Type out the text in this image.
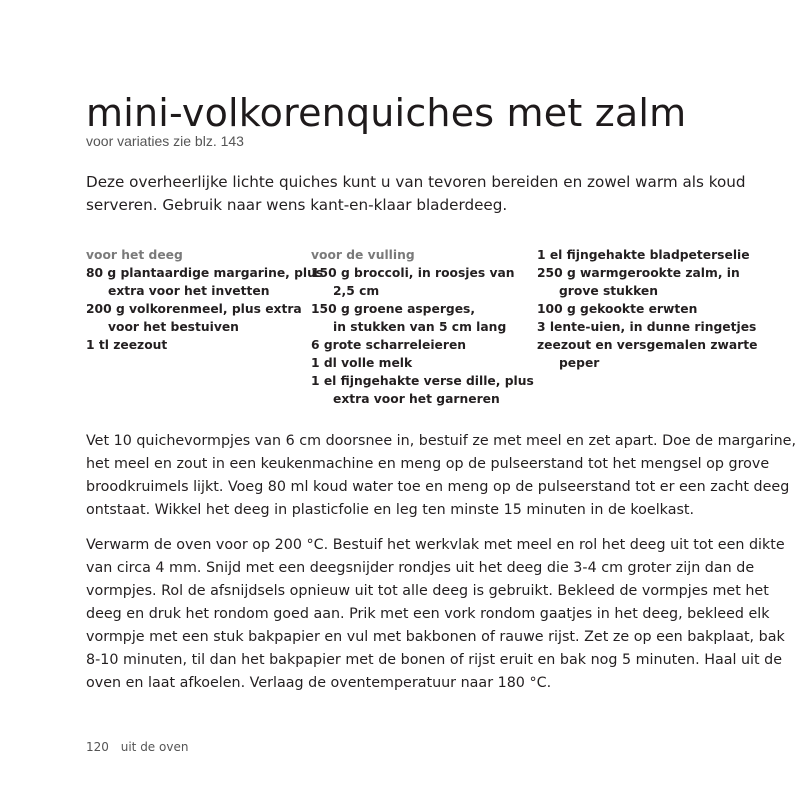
mini-volkorenquiches met zalm
voor variaties zie blz. 143

Deze overheerlijke lichte quiches kunt u van tevoren bereiden en zowel warm als koud

serveren. Gebruik naar wens kant-en-klaar bladerdeeg.

voor het deeg
80 g plantaardige margarine, plus
extra voor het invetten
200 g volkorenmeel, plus extra
voor het bestuiven
1 tl zeezout
voor de vulling
150 g broccoli, in roosjes van
2,5 cm
150 g groene asperges,
in stukken van 5 cm lang
6 grote scharreleieren
1 dl volle melk
1 el fijngehakte verse dille, plus
extra voor het garneren
1 el fijngehakte bladpeterselie
250 g warmgerookte zalm, in
grove stukken
100 g gekookte erwten
3 lente-uien, in dunne ringetjes
zeezout en versgemalen zwarte
peper
Vet 10 quichevormpjes van 6 cm doorsnee in, bestuif ze met meel en zet apart. Doe de margarine,
het meel en zout in een keukenmachine en meng op de pulseerstand tot het mengsel op grove
broodkruimels lijkt. Voeg 80 ml koud water toe en meng op de pulseerstand tot er een zacht deeg
ontstaat. Wikkel het deeg in plasticfolie en leg ten minste 15 minuten in de koelkast.
Verwarm de oven voor op 200 °C. Bestuif het werkvlak met meel en rol het deeg uit tot een dikte
van circa 4 mm. Snijd met een deegsnijder rondjes uit het deeg die 3-4 cm groter zijn dan de
vormpjes. Rol de afsnijdsels opnieuw uit tot alle deeg is gebruikt. Bekleed de vormpjes met het
deeg en druk het rondom goed aan. Prik met een vork rondom gaatjes in het deeg, bekleed elk
vormpje met een stuk bakpapier en vul met bakbonen of rauwe rijst. Zet ze op een bakplaat, bak
8-10 minuten, til dan het bakpapier met de bonen of rijst eruit en bak nog 5 minuten. Haal uit de
oven en laat afkoelen. Verlaag de oventemperatuur naar 180 °C.
120 uit de oven
